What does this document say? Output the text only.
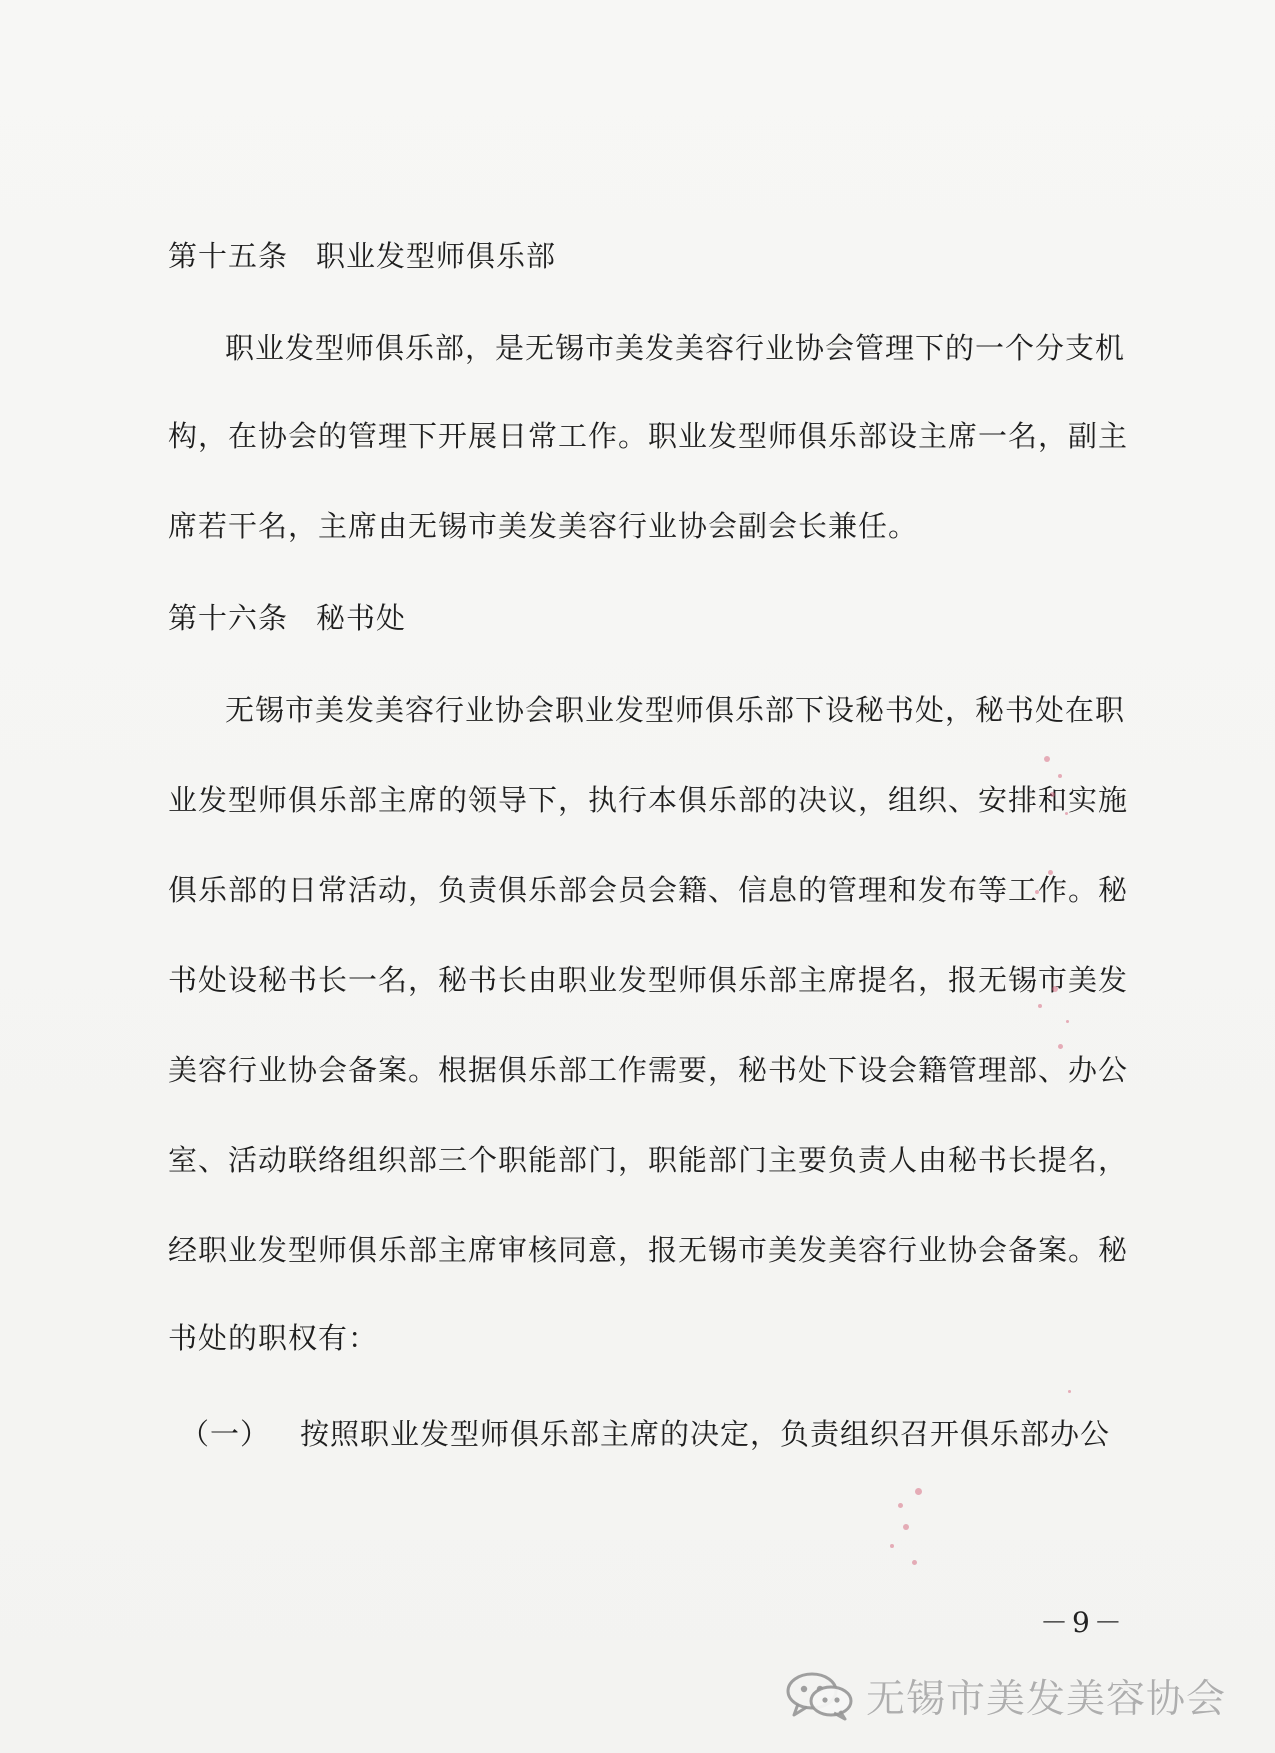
第十五条 职业发型师俱乐部
职业发型师俱乐部，是无锡市美发美容行业协会管理下的一个分支机
构，在协会的管理下开展日常工作。职业发型师俱乐部设主席一名，副主
席若干名，主席由无锡市美发美容行业协会副会长兼任。
第十六条 秘书处
无锡市美发美容行业协会职业发型师俱乐部下设秘书处，秘书处在职
业发型师俱乐部主席的领导下，执行本俱乐部的决议，组织、安排和实施
俱乐部的日常活动，负责俱乐部会员会籍、信息的管理和发布等工作。秘
书处设秘书长一名，秘书长由职业发型师俱乐部主席提名，报无锡市美发
美容行业协会备案。根据俱乐部工作需要，秘书处下设会籍管理部、办公
室、活动联络组织部三个职能部门，职能部门主要负责人由秘书长提名，
经职业发型师俱乐部主席审核同意，报无锡市美发美容行业协会备案。秘
书处的职权有：
（一） 按照职业发型师俱乐部主席的决定，负责组织召开俱乐部办公
－9－
无锡市美发美容协会
